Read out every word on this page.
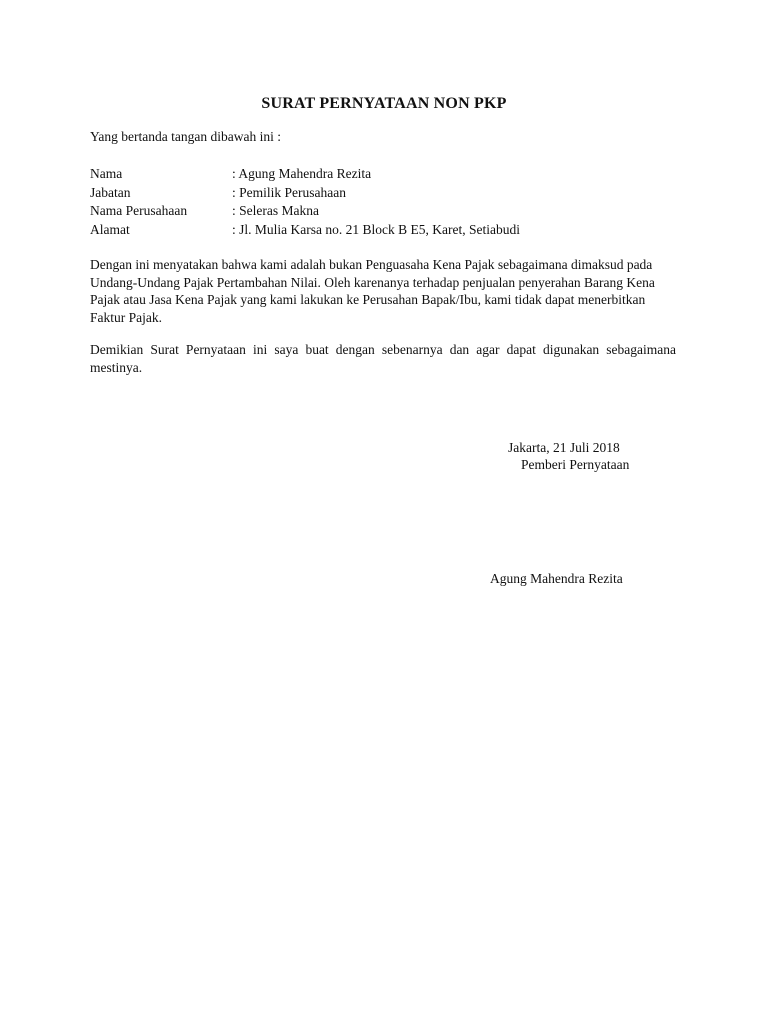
SURAT PERNYATAAN NON PKP
Yang bertanda tangan dibawah ini :
Nama	: Agung Mahendra Rezita
Jabatan	: Pemilik Perusahaan
Nama Perusahaan	: Seleras Makna
Alamat	: Jl. Mulia Karsa no. 21 Block B E5, Karet, Setiabudi
Dengan ini menyatakan bahwa kami adalah bukan Penguasaha Kena Pajak sebagaimana dimaksud pada Undang-Undang Pajak Pertambahan Nilai. Oleh karenanya terhadap penjualan penyerahan Barang Kena Pajak atau Jasa Kena Pajak yang kami lakukan ke Perusahan Bapak/Ibu, kami tidak dapat menerbitkan Faktur Pajak.
Demikian Surat Pernyataan ini saya buat dengan sebenarnya dan agar dapat digunakan sebagaimana mestinya.
Jakarta, 21 Juli 2018
Pemberi Pernyataan
Agung Mahendra Rezita
